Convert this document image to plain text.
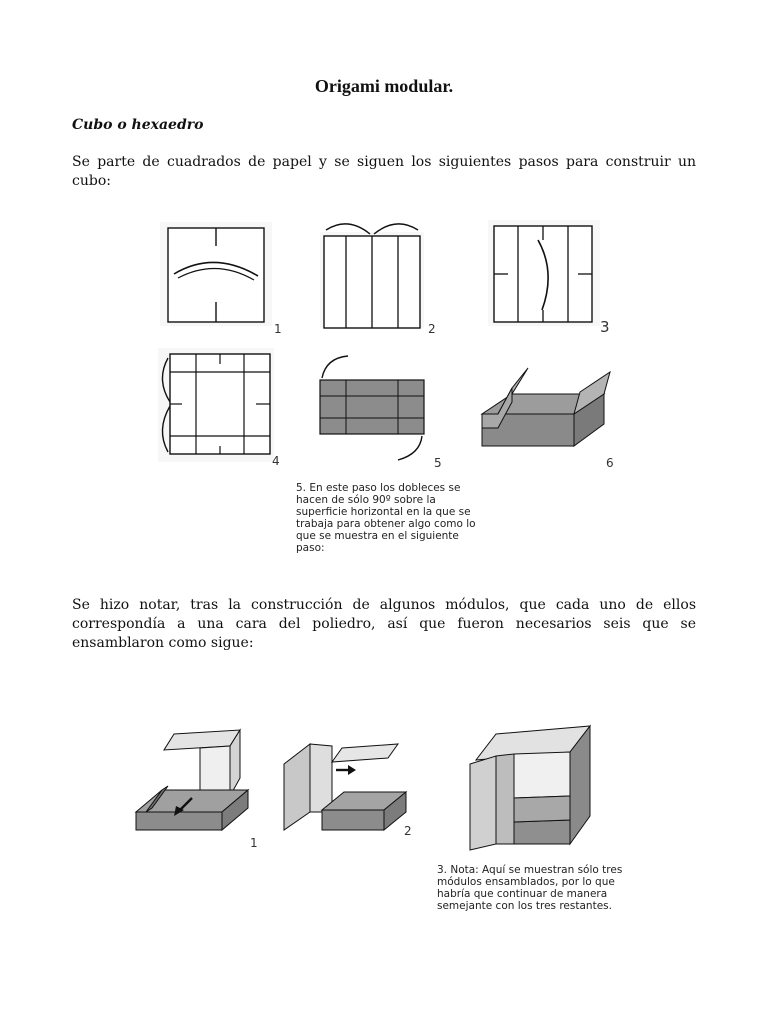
Origami modular.
Cubo o hexaedro
Se parte de cuadrados de papel y se siguen los siguientes pasos para construir un cubo:
1	2	3
4	5	6
5. En este paso los dobleces se hacen de sólo 90º sobre la superficie horizontal en la que se trabaja para obtener algo como lo que se muestra en el siguiente paso:
Se hizo notar, tras la construcción de algunos módulos, que cada uno de ellos correspondía a una cara del poliedro, así que fueron necesarios seis que se ensamblaron como sigue:
1
2
3. Nota: Aquí se muestran sólo tres módulos ensamblados, por lo que habría que continuar de manera semejante con los tres restantes.
